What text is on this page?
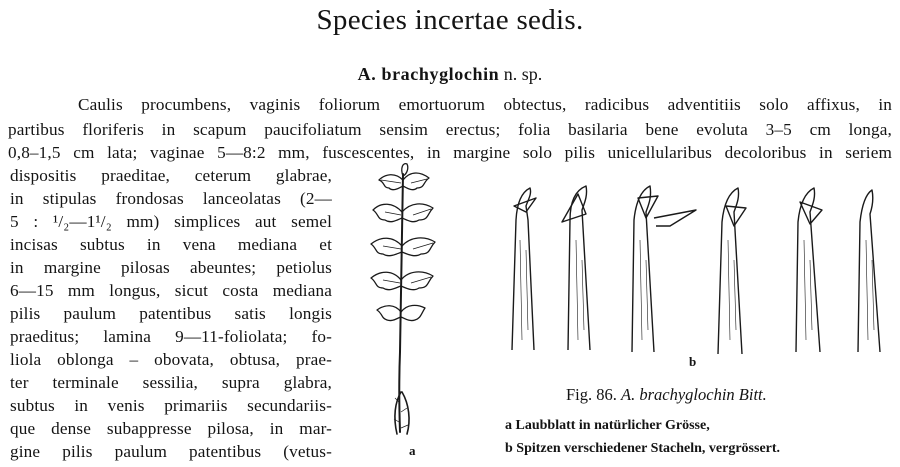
Species incertae sedis.
A. brachyglochin n. sp.
Caulis procumbens, vaginis foliorum emortuorum obtectus, radicibus adventitiis solo affixus, in
partibus floriferis in scapum paucifoliatum sensim erectus; folia basilaria bene evoluta 3–5 cm longa,
0,8–1,5 cm lata; vaginae 5—8:2 mm, fuscescentes, in margine solo pilis unicellularibus decoloribus in seriem
dispositis praeditae, ceterum glabrae,
in stipulas frondosas lanceolatas (2—
5 : ¹/₂—1¹/₂ mm) simplices aut semel
incisas subtus in vena mediana et
in margine pilosas abeuntes; petiolus
6—15 mm longus, sicut costa mediana
pilis paulum patentibus satis longis
praeditus; lamina 9—11-foliolata; fo-
liola oblonga – obovata, obtusa, prae-
ter terminale sessilia, supra glabra,
subtus in venis primariis secundariis-
que dense subappresse pilosa, in mar-
gine pilis paulum patentibus (vetus-	a
b
Fig. 86. A. brachyglochin Bitt.
a Laubblatt in natürlicher Grösse,
b Spitzen verschiedener Stacheln, vergrössert.
